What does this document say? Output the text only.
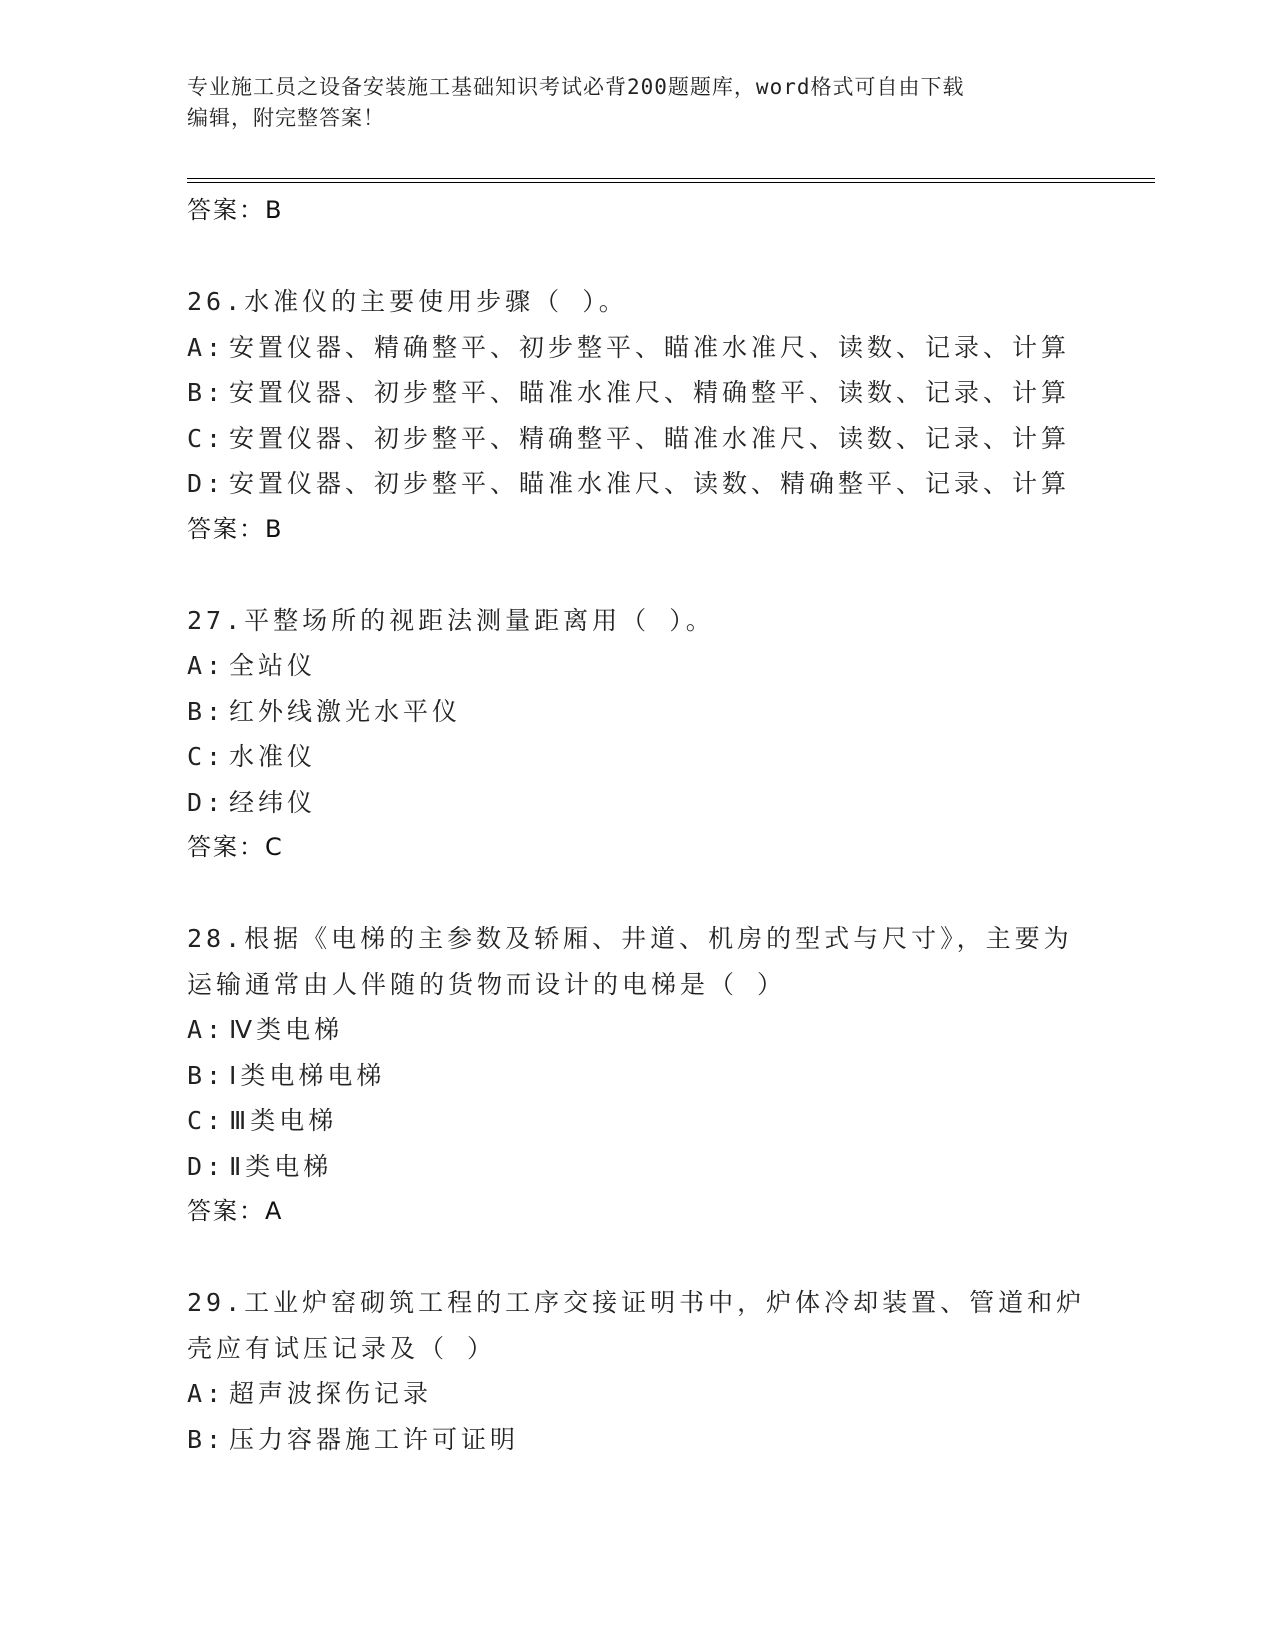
专业施工员之设备安装施工基础知识考试必背200题题库，word格式可自由下载
编辑，附完整答案！
答案：B
26.水准仪的主要使用步骤（ ）。
A: 安置仪器、精确整平、初步整平、瞄准水准尺、读数、记录、计算
B: 安置仪器、初步整平、瞄准水准尺、精确整平、读数、记录、计算
C: 安置仪器、初步整平、精确整平、瞄准水准尺、读数、记录、计算
D: 安置仪器、初步整平、瞄准水准尺、读数、精确整平、记录、计算
答案：B
27.平整场所的视距法测量距离用（ ）。
A: 全站仪
B: 红外线激光水平仪
C: 水准仪
D: 经纬仪
答案：C
28.根据《电梯的主参数及轿厢、井道、机房的型式与尺寸》，主要为
运输通常由人伴随的货物而设计的电梯是（ ）
A: Ⅳ类电梯
B: Ⅰ类电梯电梯
C: Ⅲ类电梯
D: Ⅱ类电梯
答案：A
29.工业炉窑砌筑工程的工序交接证明书中，炉体冷却装置、管道和炉
壳应有试压记录及（ ）
A: 超声波探伤记录
B: 压力容器施工许可证明
